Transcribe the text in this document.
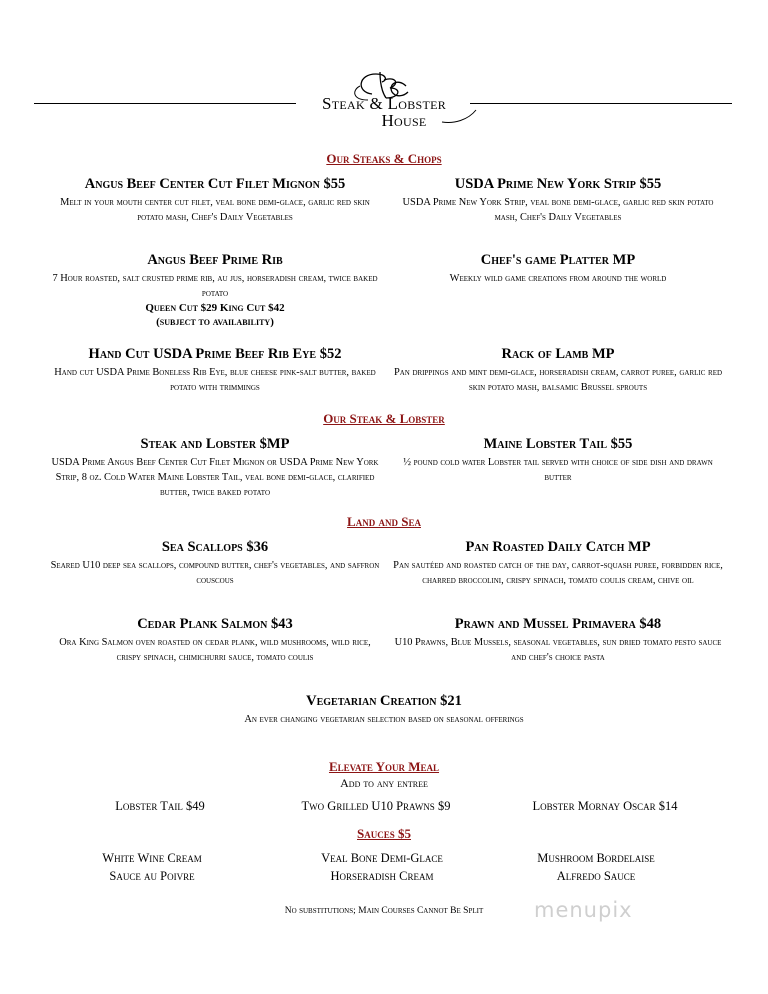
Steak & Lobster
House
Our Steaks & Chops
Angus Beef Center Cut Filet Mignon $55
Melt in your mouth center cut filet, veal bone demi-glace, garlic red skin potato mash, Chef's Daily Vegetables
USDA Prime New York Strip $55
USDA Prime New York Strip, veal bone demi-glace, garlic red skin potato mash, Chef's Daily Vegetables
Angus Beef Prime Rib
7 Hour roasted, salt crusted prime rib, au jus, horseradish cream, twice baked potato
Queen Cut $29 King Cut $42
(subject to availability)
Chef's game Platter MP
Weekly wild game creations from around the world
Hand Cut USDA Prime Beef Rib Eye $52
Hand cut USDA Prime Boneless Rib Eye, blue cheese pink-salt butter, baked potato with trimmings
Rack of Lamb MP
Pan drippings and mint demi-glace, horseradish cream, carrot puree, garlic red skin potato mash, balsamic Brussel sprouts
Our Steak & Lobster
Steak and Lobster $MP
USDA Prime Angus Beef Center Cut Filet Mignon or USDA Prime New York Strip, 8 oz. Cold Water Maine Lobster Tail, veal bone demi-glace, clarified butter, twice baked potato
Maine Lobster Tail $55
½ pound cold water Lobster tail served with choice of side dish and drawn butter
Land and Sea
Sea Scallops $36
Seared U10 deep sea scallops, compound butter, chef's vegetables, and saffron couscous
Pan Roasted Daily Catch MP
Pan sautéed and roasted catch of the day, carrot-squash puree, forbidden rice, charred broccolini, crispy spinach, tomato coulis cream, chive oil
Cedar Plank Salmon $43
Ora King Salmon oven roasted on cedar plank, wild mushrooms, wild rice, crispy spinach, chimichurri sauce, tomato coulis
Prawn and Mussel Primavera $48
U10 Prawns, Blue Mussels, seasonal vegetables, sun dried tomato pesto sauce and chef's choice pasta
Vegetarian Creation $21
An ever changing vegetarian selection based on seasonal offerings
Elevate Your Meal
Add to any entree
Lobster Tail $49	Two Grilled U10 Prawns $9	Lobster Mornay Oscar $14
Sauces $5
White Wine Cream	Veal Bone Demi-Glace	Mushroom Bordelaise
Sauce au Poivre	Horseradish Cream	Alfredo Sauce
No substitutions; Main Courses Cannot Be Split	menupix
